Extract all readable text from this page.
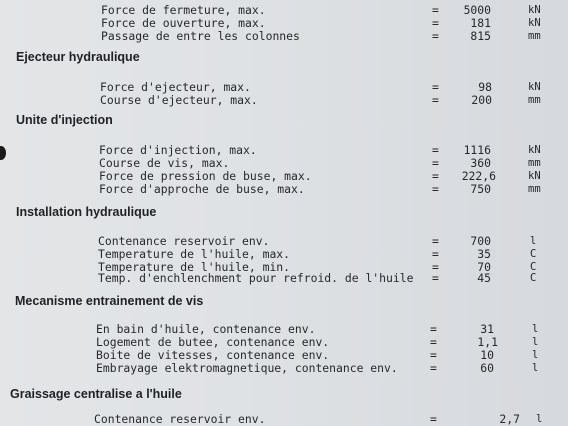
Force de fermeture, max.	=	5000	kN
Force de ouverture, max.	=	181	kN
Passage de entre les colonnes	=	815	mm
Ejecteur hydraulique
Force d'ejecteur, max.	=	98	kN
Course d'ejecteur, max.	=	200	mm
Unite d'injection
Force d'injection, max.	=	1116	kN
Course de vis, max.	=	360	mm
Force de pression de buse, max.	=	222,6	kN
Force d'approche de buse, max.	=	750	mm
Installation hydraulique
Contenance reservoir env.	=	700	l
Temperature de l'huile, max.	=	35	C
Temperature de l'huile, min.	=	70	C
Temp. d'enchlenchment pour refroid. de l'huile =	45	C
Mecanisme entrainement de vis
En bain d'huile, contenance env.	=	31	l
Logement de butee, contenance env.	=	1,1	l
Boite de vitesses, contenance env.	=	10	l
Embrayage elektromagnetique, contenance env.	=	60	l
Graissage centralise a l'huile
Contenance reservoir env.	=	2,7 l
